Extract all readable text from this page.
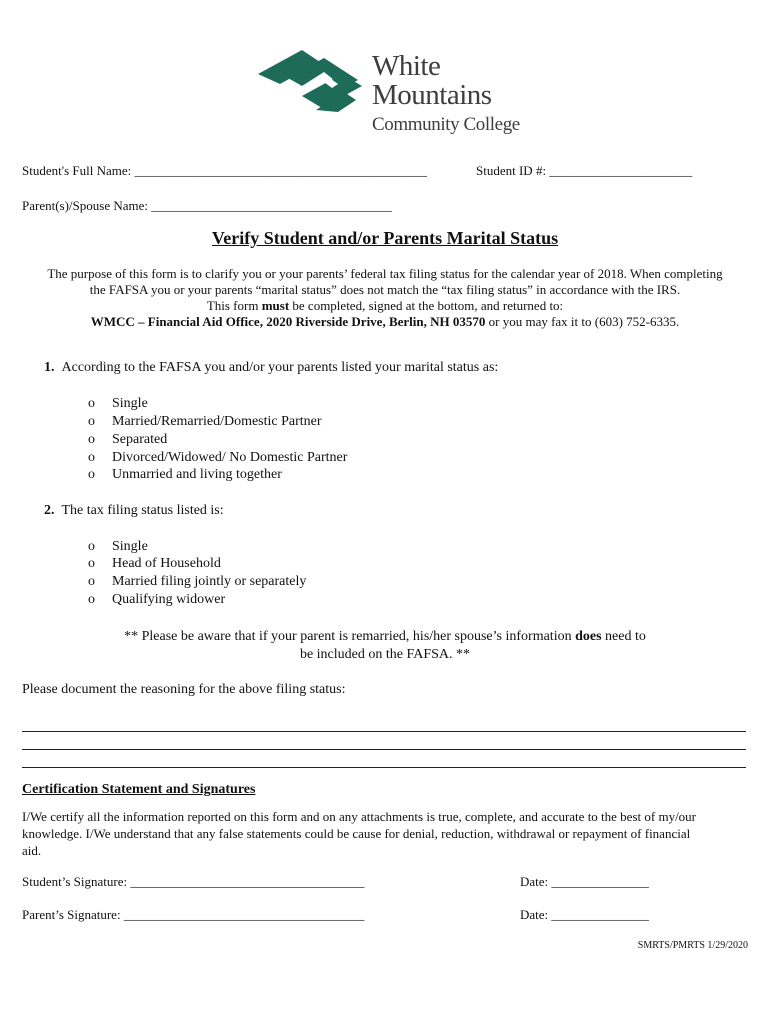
White
Mountains
Community College
Student's Full Name: _____________________________________________	Student ID #: ______________________
Parent(s)/Spouse Name: _____________________________________
Verify Student and/or Parents Marital Status
The purpose of this form is to clarify you or your parents’ federal tax filing status for the calendar year of 2018. When completing
the FAFSA you or your parents “marital status” does not match the “tax filing status” in accordance with the IRS.
This form must be completed, signed at the bottom, and returned to:
WMCC – Financial Aid Office, 2020 Riverside Drive, Berlin, NH 03570 or you may fax it to (603) 752-6335.
1. According to the FAFSA you and/or your parents listed your marital status as:
o Single
o Married/Remarried/Domestic Partner
o Separated
o Divorced/Widowed/ No Domestic Partner
o Unmarried and living together
2. The tax filing status listed is:
o Single
o Head of Household
o Married filing jointly or separately
o Qualifying widower
** Please be aware that if your parent is remarried, his/her spouse’s information does need to
be included on the FAFSA. **
Please document the reasoning for the above filing status:
Certification Statement and Signatures
I/We certify all the information reported on this form and on any attachments is true, complete, and accurate to the best of my/our
knowledge. I/We understand that any false statements could be cause for denial, reduction, withdrawal or repayment of financial
aid.
Student’s Signature: ____________________________________	Date: _______________
Parent’s Signature: _____________________________________	Date: _______________
SMRTS/PMRTS 1/29/2020
